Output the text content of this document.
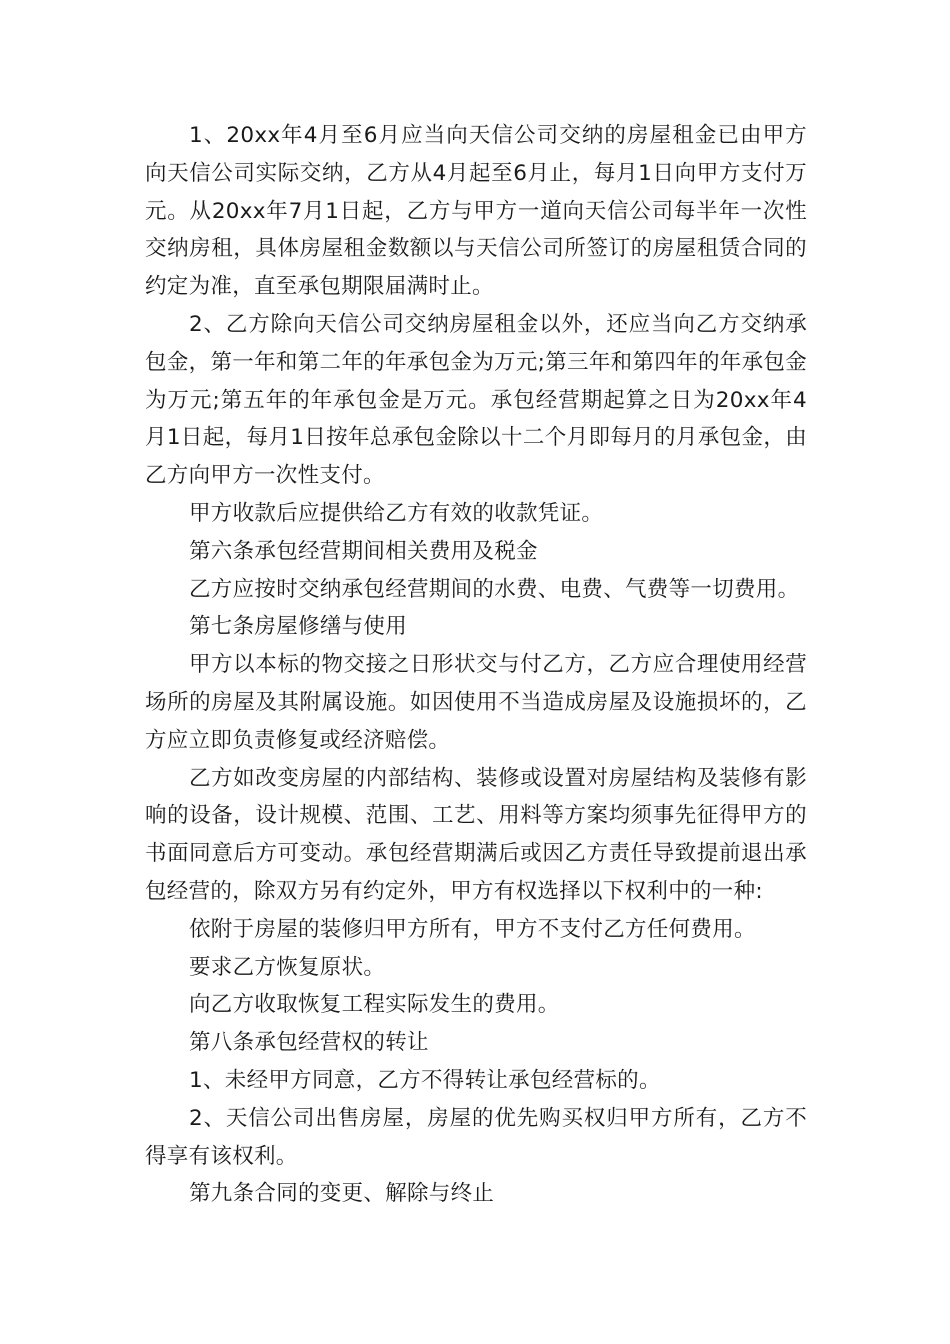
1、20xx年4月至6月应当向天信公司交纳的房屋租金已由甲方向天信公司实际交纳，乙方从4月起至6月止，每月1日向甲方支付万元。从20xx年7月1日起，乙方与甲方一道向天信公司每半年一次性交纳房租，具体房屋租金数额以与天信公司所签订的房屋租赁合同的约定为准，直至承包期限届满时止。

2、乙方除向天信公司交纳房屋租金以外，还应当向乙方交纳承包金，第一年和第二年的年承包金为万元;第三年和第四年的年承包金为万元;第五年的年承包金是万元。承包经营期起算之日为20xx年4月1日起，每月1日按年总承包金除以十二个月即每月的月承包金，由乙方向甲方一次性支付。

甲方收款后应提供给乙方有效的收款凭证。

第六条承包经营期间相关费用及税金

乙方应按时交纳承包经营期间的水费、电费、气费等一切费用。

第七条房屋修缮与使用

甲方以本标的物交接之日形状交与付乙方，乙方应合理使用经营场所的房屋及其附属设施。如因使用不当造成房屋及设施损坏的，乙方应立即负责修复或经济赔偿。

乙方如改变房屋的内部结构、装修或设置对房屋结构及装修有影响的设备，设计规模、范围、工艺、用料等方案均须事先征得甲方的书面同意后方可变动。承包经营期满后或因乙方责任导致提前退出承包经营的，除双方另有约定外，甲方有权选择以下权利中的一种:

依附于房屋的装修归甲方所有，甲方不支付乙方任何费用。

要求乙方恢复原状。

向乙方收取恢复工程实际发生的费用。

第八条承包经营权的转让

1、未经甲方同意，乙方不得转让承包经营标的。

2、天信公司出售房屋，房屋的优先购买权归甲方所有，乙方不得享有该权利。

第九条合同的变更、解除与终止
